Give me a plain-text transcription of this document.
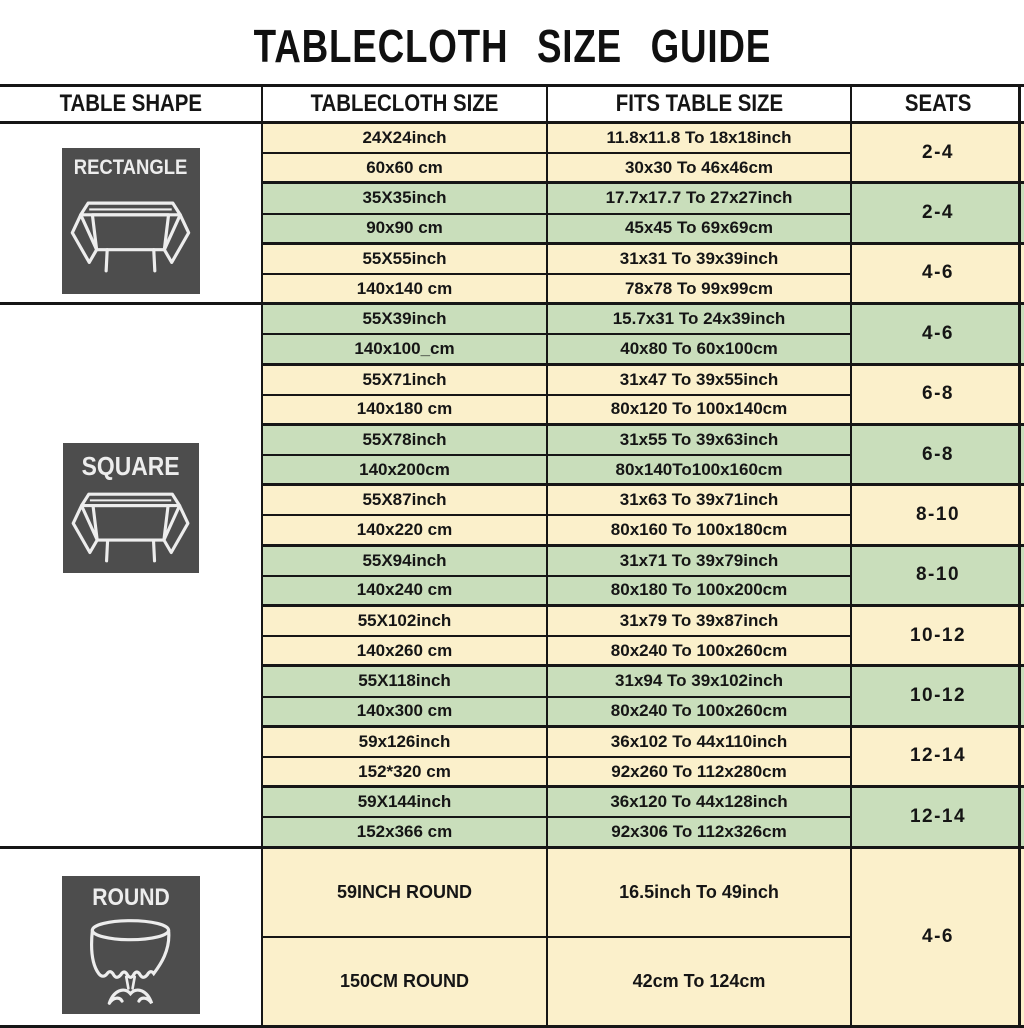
TABLECLOTH SIZE GUIDE
TABLE SHAPE	TABLECLOTH SIZE	FITS TABLE SIZE	SEATS
RECTANGLE
24X24inch	11.8x11.8 To 18x18inch
60x60 cm	30x30 To 46x46cm
2-4
35X35inch	17.7x17.7 To 27x27inch
90x90 cm	45x45 To 69x69cm
2-4
55X55inch	31x31 To 39x39inch
140x140 cm	78x78 To 99x99cm
4-6
SQUARE
55X39inch	15.7x31 To 24x39inch
140x100_cm	40x80 To 60x100cm
4-6
55X71inch	31x47 To 39x55inch
140x180 cm	80x120 To 100x140cm
6-8
55X78inch	31x55 To 39x63inch
140x200cm	80x140To100x160cm
6-8
55X87inch	31x63 To 39x71inch
140x220 cm	80x160 To 100x180cm
8-10
55X94inch	31x71 To 39x79inch
140x240 cm	80x180 To 100x200cm
8-10
55X102inch	31x79 To 39x87inch
140x260 cm	80x240 To 100x260cm
10-12
55X118inch	31x94 To 39x102inch
140x300 cm	80x240 To 100x260cm
10-12
59x126inch	36x102 To 44x110inch
152*320 cm	92x260 To 112x280cm
12-14
59X144inch	36x120 To 44x128inch
152x366 cm	92x306 To 112x326cm
12-14
ROUND	59INCH ROUND	16.5inch To 49inch
150CM ROUND	42cm To 124cm
4-6
